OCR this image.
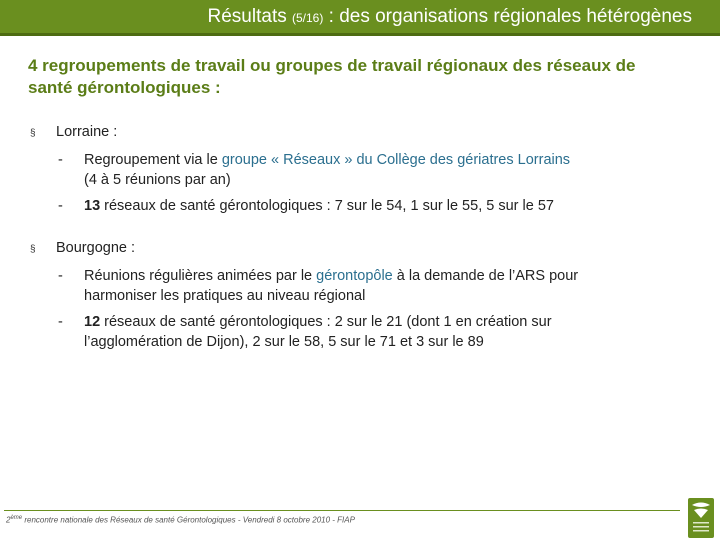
Résultats (5/16) : des organisations régionales hétérogènes
4 regroupements de travail ou groupes de travail régionaux des réseaux de
santé gérontologiques :
§ Lorraine :
- Regroupement via le groupe « Réseaux » du Collège des gériatres Lorrains
(4 à 5 réunions par an)
- 13 réseaux de santé gérontologiques : 7 sur le 54, 1 sur le 55, 5 sur le 57
§ Bourgogne :
- Réunions régulières animées par le gérontopôle à la demande de l’ARS pour
harmoniser les pratiques au niveau régional
- 12 réseaux de santé gérontologiques : 2 sur le 21 (dont 1 en création sur
l’agglomération de Dijon), 2 sur le 58, 5 sur le 71 et 3 sur le 89
2ème rencontre nationale des Réseaux de santé Gérontologiques - Vendredi 8 octobre 2010 - FIAP
